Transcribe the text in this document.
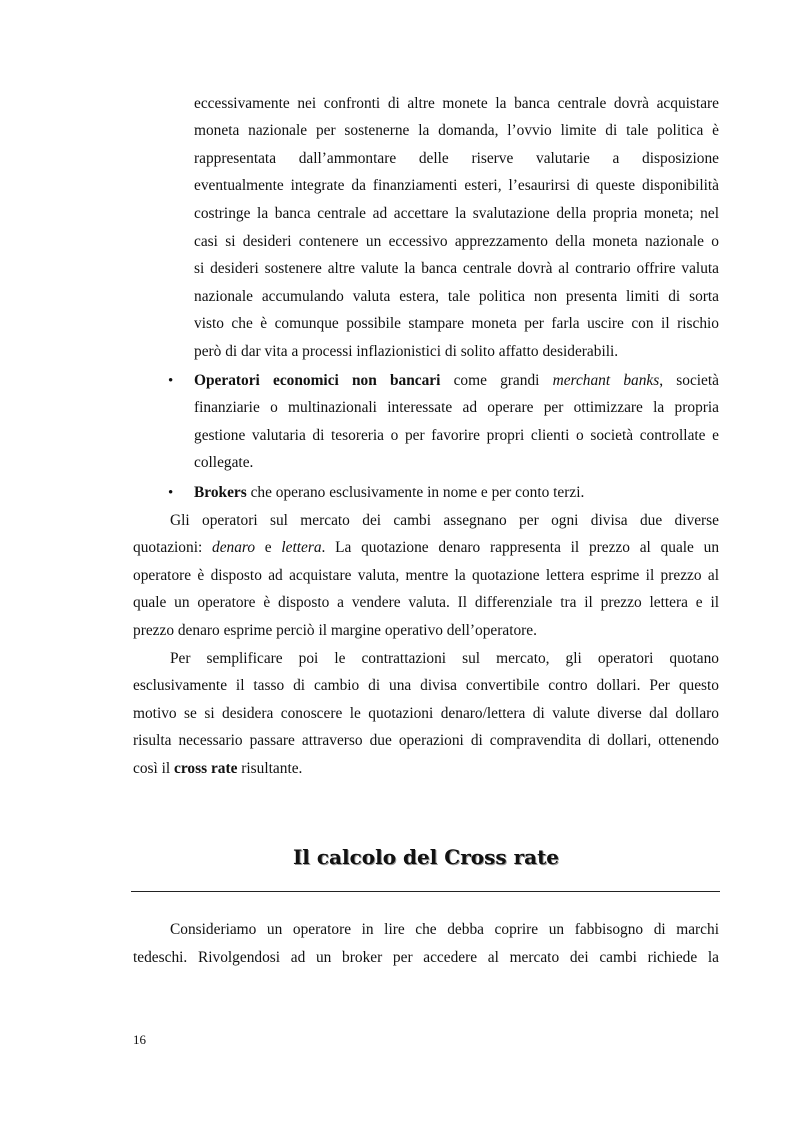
eccessivamente nei confronti di altre monete la banca centrale dovrà acquistare
moneta nazionale per sostenerne la domanda, l’ovvio limite di tale politica è
rappresentata dall’ammontare delle riserve valutarie a disposizione
eventualmente integrate da finanziamenti esteri, l’esaurirsi di queste disponibilità
costringe la banca centrale ad accettare la svalutazione della propria moneta; nel
casi si desideri contenere un eccessivo apprezzamento della moneta nazionale o
si desideri sostenere altre valute la banca centrale dovrà al contrario offrire valuta
nazionale accumulando valuta estera, tale politica non presenta limiti di sorta
visto che è comunque possibile stampare moneta per farla uscire con il rischio
però di dar vita a processi inflazionistici di solito affatto desiderabili.
• Operatori economici non bancari come grandi merchant banks, società
finanziarie o multinazionali interessate ad operare per ottimizzare la propria
gestione valutaria di tesoreria o per favorire propri clienti o società controllate e
collegate.
• Brokers che operano esclusivamente in nome e per conto terzi.
Gli operatori sul mercato dei cambi assegnano per ogni divisa due diverse
quotazioni: denaro e lettera. La quotazione denaro rappresenta il prezzo al quale un
operatore è disposto ad acquistare valuta, mentre la quotazione lettera esprime il prezzo al
quale un operatore è disposto a vendere valuta. Il differenziale tra il prezzo lettera e il
prezzo denaro esprime perciò il margine operativo dell’operatore.
Per semplificare poi le contrattazioni sul mercato, gli operatori quotano
esclusivamente il tasso di cambio di una divisa convertibile contro dollari. Per questo
motivo se si desidera conoscere le quotazioni denaro/lettera di valute diverse dal dollaro
risulta necessario passare attraverso due operazioni di compravendita di dollari, ottenendo
così il cross rate risultante.
Il calcolo del Cross rate
Consideriamo un operatore in lire che debba coprire un fabbisogno di marchi
tedeschi. Rivolgendosi ad un broker per accedere al mercato dei cambi richiede la
16
